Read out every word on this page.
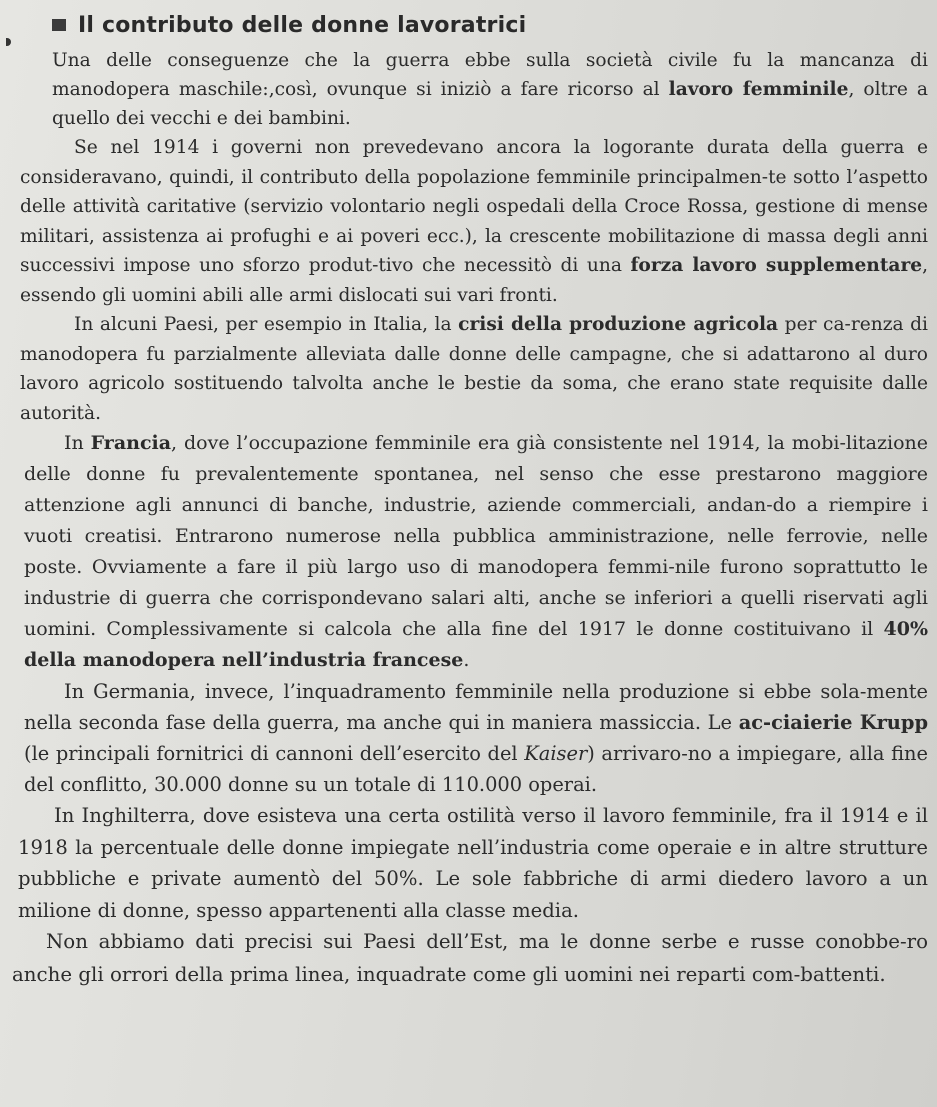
Il contributo delle donne lavoratrici

Una delle conseguenze che la guerra ebbe sulla società civile fu la mancanza di manodopera maschile:,così, ovunque si iniziò a fare ricorso al lavoro femminile, oltre a quello dei vecchi e dei bambini.

Se nel 1914 i governi non prevedevano ancora la logorante durata della guerra e consideravano, quindi, il contributo della popolazione femminile principalmen-te sotto l’aspetto delle attività caritative (servizio volontario negli ospedali della Croce Rossa, gestione di mense militari, assistenza ai profughi e ai poveri ecc.), la crescente mobilitazione di massa degli anni successivi impose uno sforzo produt-tivo che necessitò di una forza lavoro supplementare, essendo gli uomini abili alle armi dislocati sui vari fronti.

In alcuni Paesi, per esempio in Italia, la crisi della produzione agricola per ca-renza di manodopera fu parzialmente alleviata dalle donne delle campagne, che si adattarono al duro lavoro agricolo sostituendo talvolta anche le bestie da soma, che erano state requisite dalle autorità.

In Francia, dove l’occupazione femminile era già consistente nel 1914, la mobi-litazione delle donne fu prevalentemente spontanea, nel senso che esse prestarono maggiore attenzione agli annunci di banche, industrie, aziende commerciali, andan-do a riempire i vuoti creatisi. Entrarono numerose nella pubblica amministrazione, nelle ferrovie, nelle poste. Ovviamente a fare il più largo uso di manodopera femmi-nile furono soprattutto le industrie di guerra che corrispondevano salari alti, anche se inferiori a quelli riservati agli uomini. Complessivamente si calcola che alla fine del 1917 le donne costituivano il 40% della manodopera nell’industria francese.

In Germania, invece, l’inquadramento femminile nella produzione si ebbe sola-mente nella seconda fase della guerra, ma anche qui in maniera massiccia. Le ac-ciaierie Krupp (le principali fornitrici di cannoni dell’esercito del Kaiser) arrivaro-no a impiegare, alla fine del conflitto, 30.000 donne su un totale di 110.000 operai.

In Inghilterra, dove esisteva una certa ostilità verso il lavoro femminile, fra il 1914 e il 1918 la percentuale delle donne impiegate nell’industria come operaie e in altre strutture pubbliche e private aumentò del 50%. Le sole fabbriche di armi diedero lavoro a un milione di donne, spesso appartenenti alla classe media.

Non abbiamo dati precisi sui Paesi dell’Est, ma le donne serbe e russe conobbe-ro anche gli orrori della prima linea, inquadrate come gli uomini nei reparti com-battenti.
